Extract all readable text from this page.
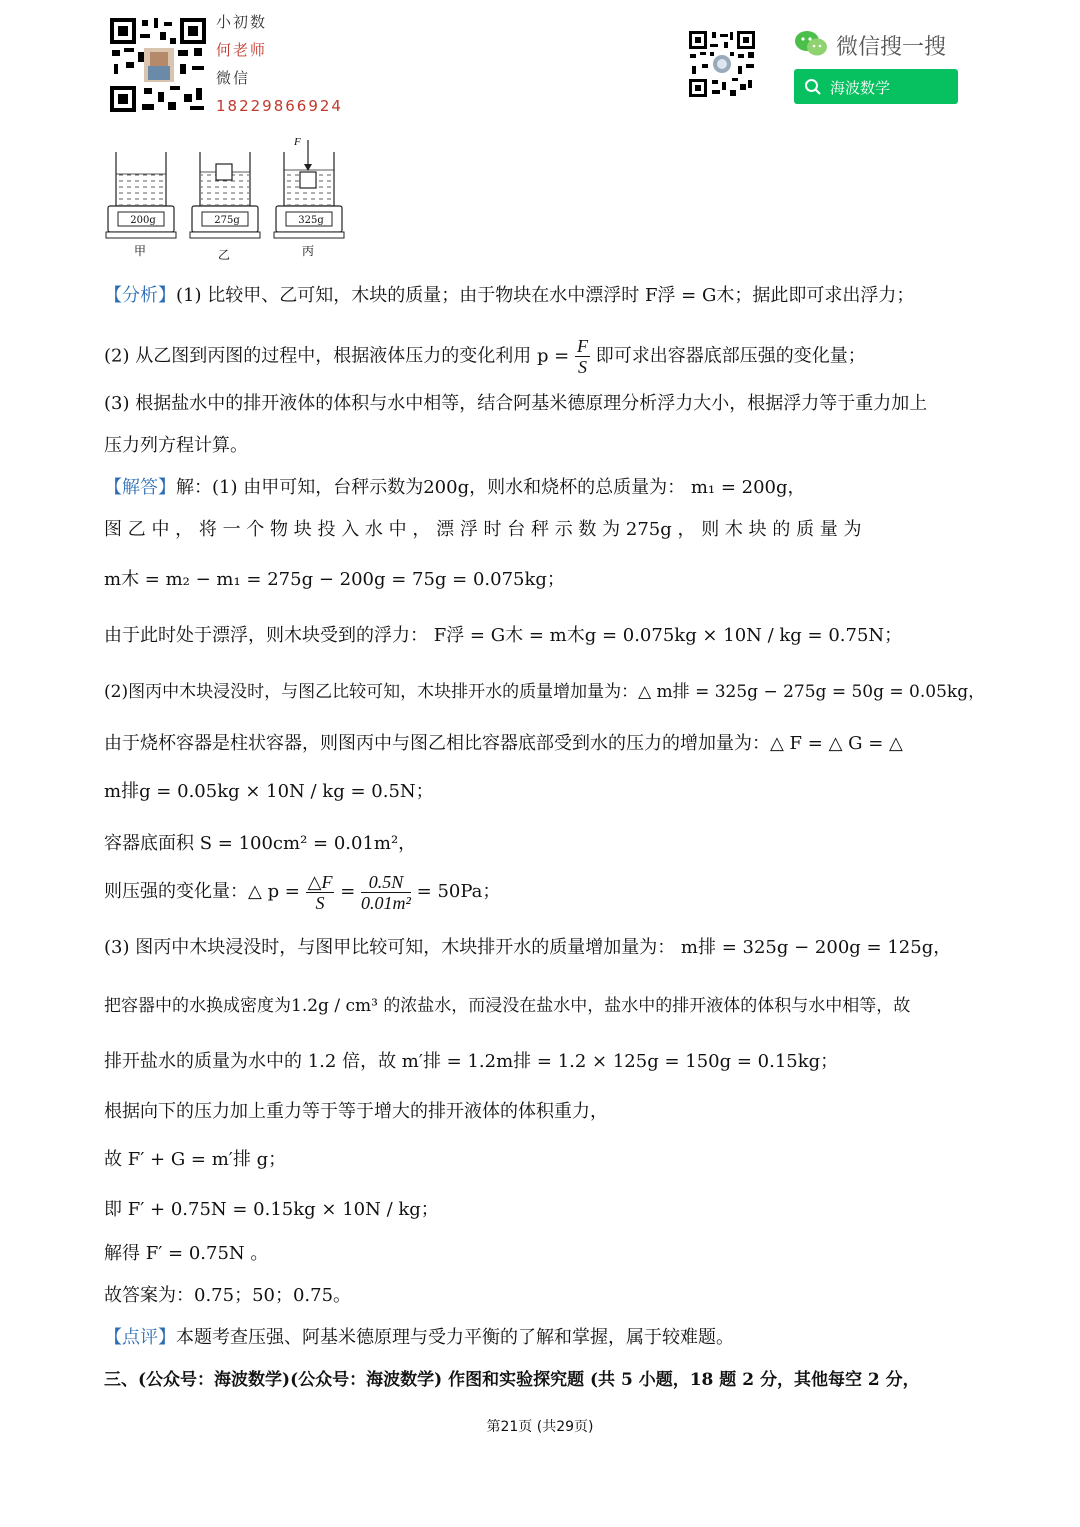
小初数
何老师
微信
18229866924
微信搜一搜
海波数学
F
200g	275g	325g
甲	乙	丙
【分析】(1) 比较甲、乙可知，木块的质量；由于物块在水中漂浮时 F浮 = G木；据此即可求出浮力；
(2) 从乙图到丙图的过程中，根据液体压力的变化利用 $p = \frac{F}{S}$ 即可求出容器底部压强的变化量；
(3) 根据盐水中的排开液体的体积与水中相等，结合阿基米德原理分析浮力大小，根据浮力等于重力加上
压力列方程计算。
【解答】解：(1) 由甲可知，台秤示数为200g，则水和烧杯的总质量为： m₁ = 200g，
图 乙 中 ， 将 一 个 物 块 投 入 水 中 ， 漂 浮 时 台 秤 示 数 为 275g ， 则 木 块 的 质 量 为
m木 = m₂ − m₁ = 275g − 200g = 75g = 0.075kg；
由于此时处于漂浮，则木块受到的浮力： F浮 = G木 = m木g = 0.075kg × 10N / kg = 0.75N；
(2)图丙中木块浸没时，与图乙比较可知，木块排开水的质量增加量为：△ m排 = 325g − 275g = 50g = 0.05kg，
由于烧杯容器是柱状容器，则图丙中与图乙相比容器底部受到水的压力的增加量为：△ F = △ G = △
m排g = 0.05kg × 10N / kg = 0.5N；
容器底面积 S = 100cm² = 0.01m²，
则压强的变化量：△ $p = \frac{\triangle F}{S} = \frac{0.5N}{\text{0.01m²}} = 50Pa$；
(3) 图丙中木块浸没时，与图甲比较可知，木块排开水的质量增加量为： m排 = 325g − 200g = 125g，
把容器中的水换成密度为1.2g / cm³ 的浓盐水，而浸没在盐水中，盐水中的排开液体的体积与水中相等，故
排开盐水的质量为水中的 1.2 倍，故 m′排 = 1.2m排 = 1.2 × 125g = 150g = 0.15kg；
根据向下的压力加上重力等于等于增大的排开液体的体积重力，
故 F′ + G = m′排 g；
即 F′ + 0.75N = 0.15kg × 10N / kg；
解得 F′ = 0.75N 。
故答案为：0.75；50；0.75。
【点评】本题考查压强、阿基米德原理与受力平衡的了解和掌握，属于较难题。
三、(公众号：海波数学)(公众号：海波数学) 作图和实验探究题 (共 5 小题，18 题 2 分，其他每空 2 分，
第21页 (共29页)
